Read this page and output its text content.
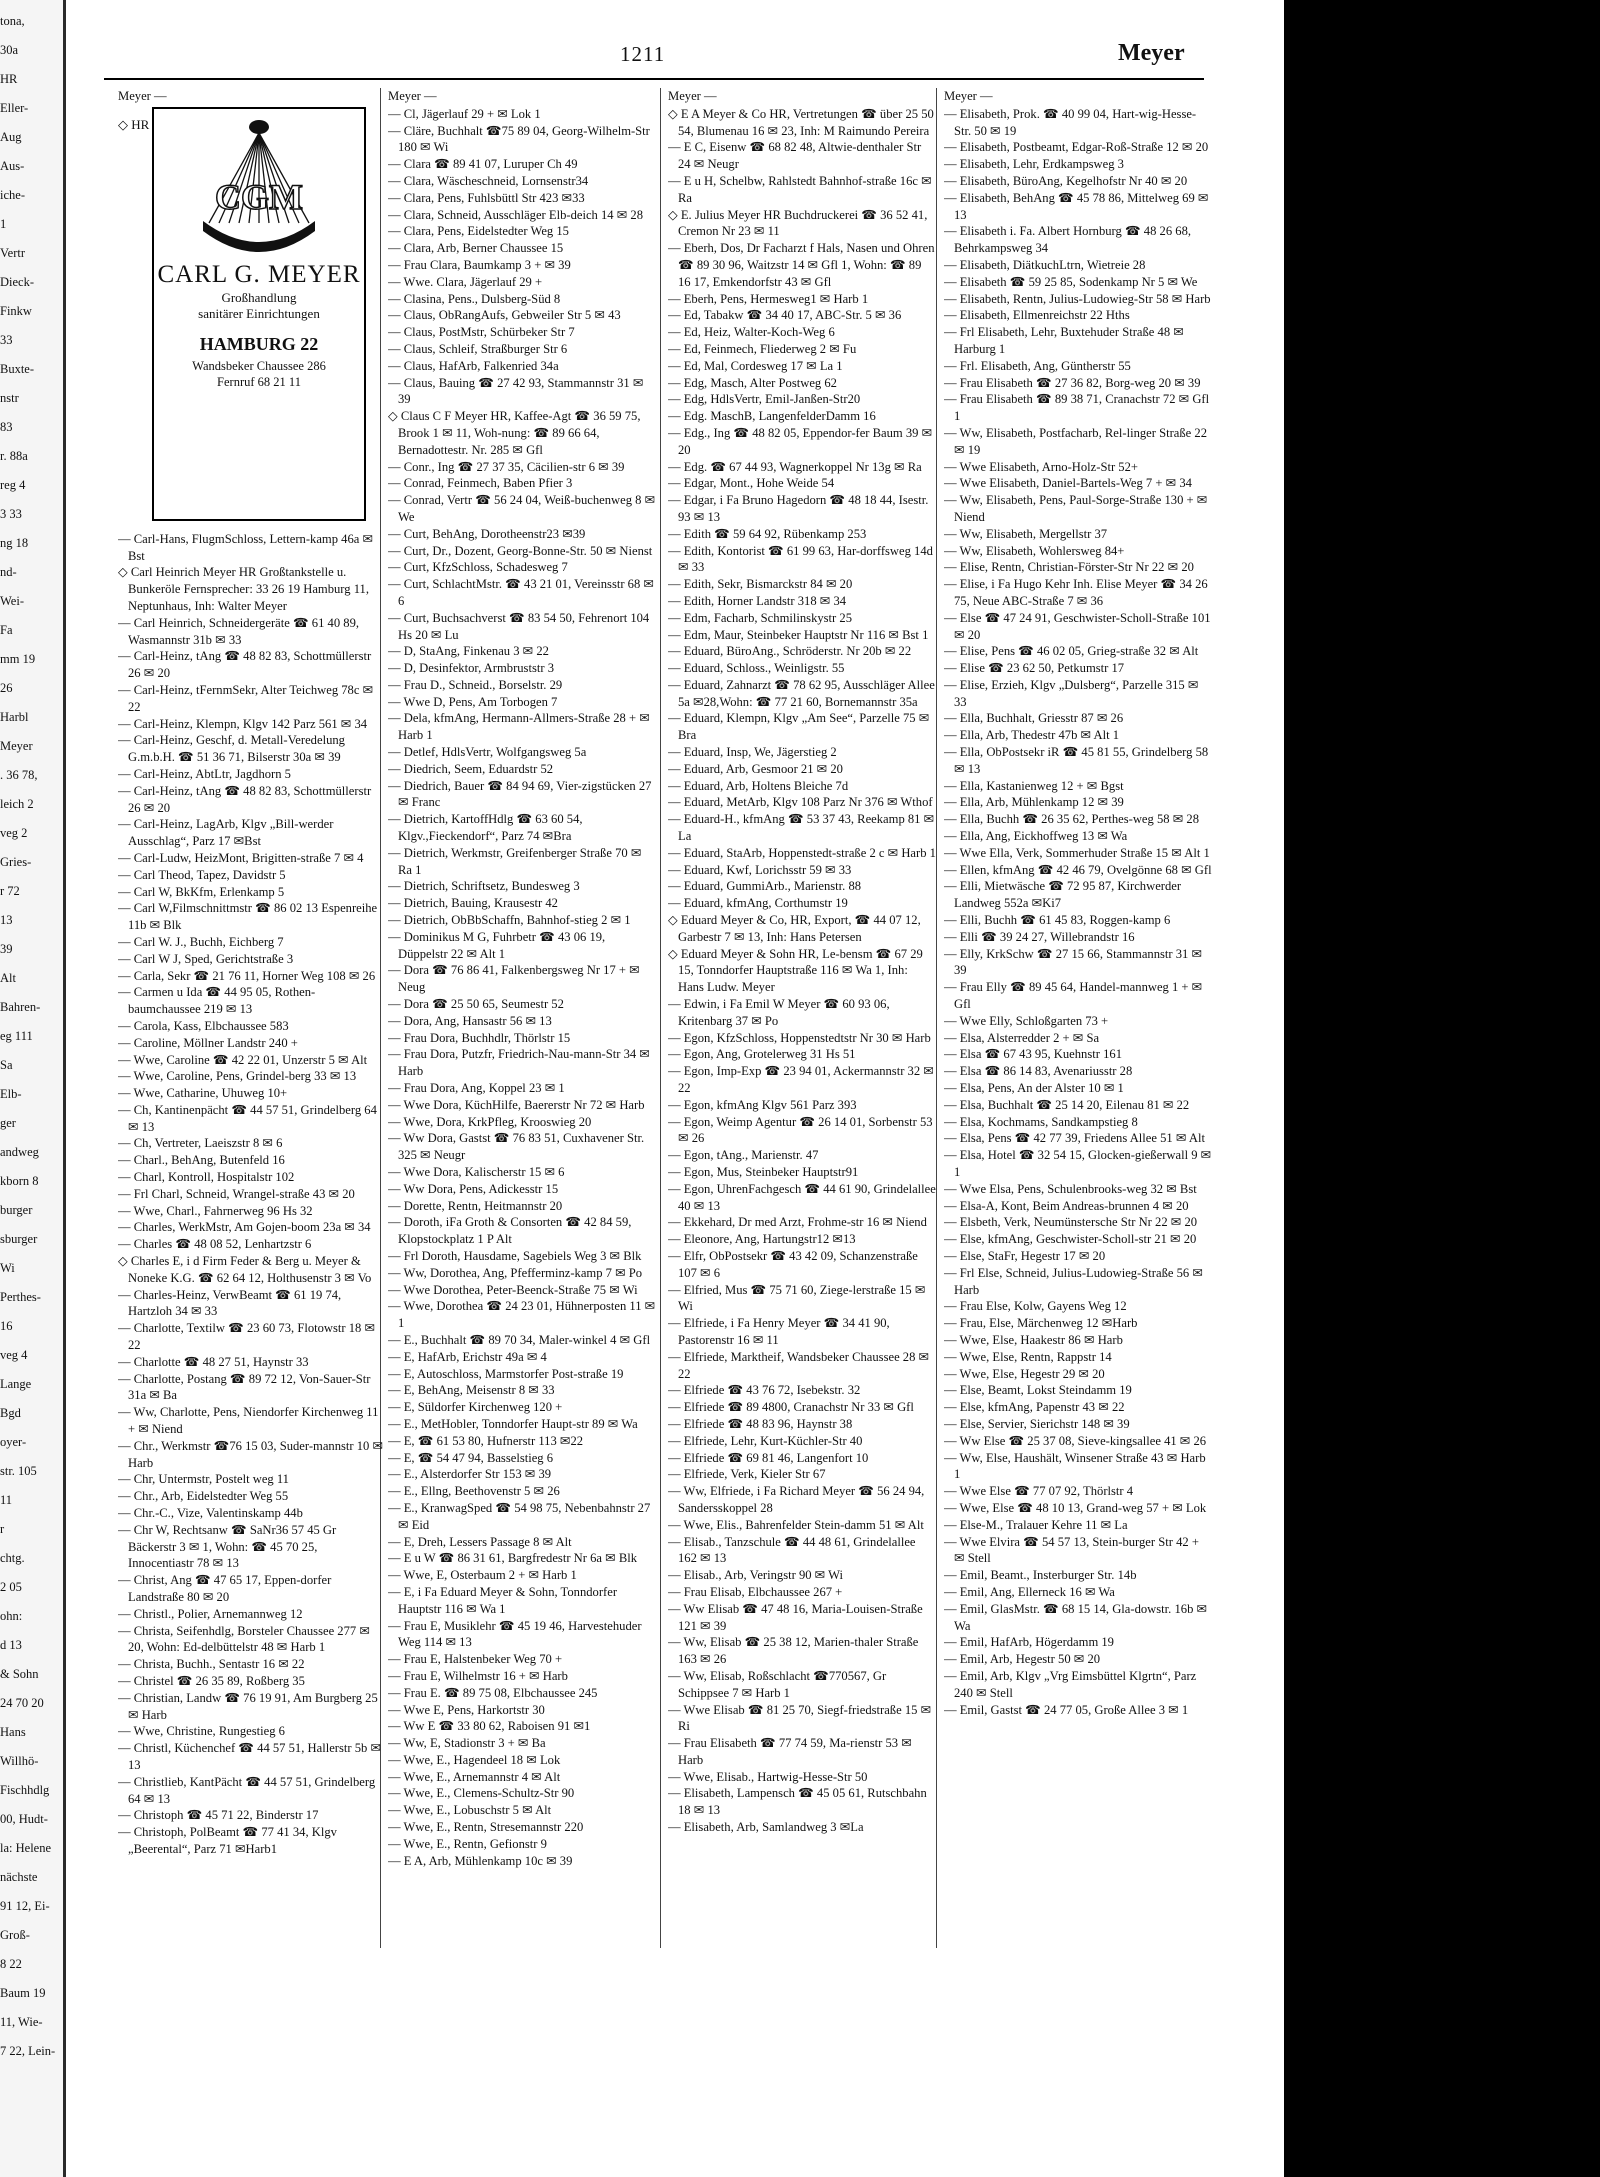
tona,
30a
HR
Eller-
Aug
Aus-
iche-
1
Vertr
Dieck-
Finkw
33
Buxte-
nstr
83
r. 88a
reg 4
3 33
ng 18
nd-
Wei-
Fa
mm 19
26
Harbl
Meyer
. 36 78,
leich 2
veg 2
Gries-
r 72
13
39
Alt
Bahren-
eg 111
Sa
Elb-
ger
andweg
kborn 8
burger
sburger
Wi
Perthes-
16
veg 4
Lange
Bgd
oyer-
str. 105
11
r
chtg.
2 05
ohn:
d 13
& Sohn
24 70 20
Hans
Willhö-
Fischhdlg
00, Hudt-
la: Helene
nächste
91 12, Ei-
Groß-
8 22
Baum 19
11, Wie-
7 22, Lein-
1211	Meyer
Meyer —
CGM
CARL G. MEYER
Großhandlung
sanitärer Einrichtungen
HAMBURG 22
Wandsbeker Chaussee 286
Fernruf 68 21 11
— Carl-Hans, FlugmSchloss, Lettern-kamp 46a ✉ Bst
◇ Carl Heinrich Meyer HR Großtankstelle u. Bunkeröle Fernsprecher: 33 26 19 Hamburg 11, Neptunhaus, Inh: Walter Meyer
— Carl Heinrich, Schneidergeräte ☎ 61 40 89, Wasmannstr 31b ✉ 33
— Carl-Heinz, tAng ☎ 48 82 83, Schottmüllerstr 26 ✉ 20
— Carl-Heinz, tFernmSekr, Alter Teichweg 78c ✉ 22
— Carl-Heinz, Klempn, Klgv 142 Parz 561 ✉ 34
— Carl-Heinz, Geschf, d. Metall-Veredelung G.m.b.H. ☎ 51 36 71, Bilserstr 30a ✉ 39
— Carl-Heinz, AbtLtr, Jagdhorn 5
— Carl-Heinz, tAng ☎ 48 82 83, Schottmüllerstr 26 ✉ 20
— Carl-Heinz, LagArb, Klgv „Bill-werder Ausschlag“, Parz 17 ✉Bst
— Carl-Ludw, HeizMont, Brigitten-straße 7 ✉ 4
— Carl Theod, Tapez, Davidstr 5
— Carl W, BkKfm, Erlenkamp 5
— Carl W,Filmschnittmstr ☎ 86 02 13 Espenreihe 11b ✉ Blk
— Carl W. J., Buchh, Eichberg 7
— Carl W J, Sped, Gerichtstraße 3
— Carla, Sekr ☎ 21 76 11, Horner Weg 108 ✉ 26
— Carmen u Ida ☎ 44 95 05, Rothen-baumchaussee 219 ✉ 13
— Carola, Kass, Elbchaussee 583
— Caroline, Möllner Landstr 240 +
— Wwe, Caroline ☎ 42 22 01, Unzerstr 5 ✉ Alt
— Wwe, Caroline, Pens, Grindel-berg 33 ✉ 13
— Wwe, Catharine, Uhuweg 10+
— Ch, Kantinenpächt ☎ 44 57 51, Grindelberg 64 ✉ 13
— Ch, Vertreter, Laeiszstr 8 ✉ 6
— Charl., BehAng, Butenfeld 16
— Charl, Kontroll, Hospitalstr 102
— Frl Charl, Schneid, Wrangel-straße 43 ✉ 20
— Wwe, Charl., Fahrnerweg 96 Hs 32
— Charles, WerkMstr, Am Gojen-boom 23a ✉ 34
— Charles ☎ 48 08 52, Lenhartzstr 6
◇ Charles E, i d Firm Feder & Berg u. Meyer & Noneke K.G. ☎ 62 64 12, Holthusenstr 3 ✉ Vo
— Charles-Heinz, VerwBeamt ☎ 61 19 74, Hartzloh 34 ✉ 33
— Charlotte, Textilw ☎ 23 60 73, Flotowstr 18 ✉ 22
— Charlotte ☎ 48 27 51, Haynstr 33
— Charlotte, Postang ☎ 89 72 12, Von-Sauer-Str 31a ✉ Ba
— Ww, Charlotte, Pens, Niendorfer Kirchenweg 11 + ✉ Niend
— Chr., Werkmstr ☎76 15 03, Suder-mannstr 10 ✉ Harb
— Chr, Untermstr, Postelt weg 11
— Chr., Arb, Eidelstedter Weg 55
— Chr.-C., Vize, Valentinskamp 44b
— Chr W, Rechtsanw ☎ SaNr36 57 45 Gr Bäckerstr 3 ✉ 1, Wohn: ☎ 45 70 25, Innocentiastr 78 ✉ 13
— Christ, Ang ☎ 47 65 17, Eppen-dorfer Landstraße 80 ✉ 20
— Christl., Polier, Arnemannweg 12
— Christa, Seifenhdlg, Borsteler Chaussee 277 ✉ 20, Wohn: Ed-delbüttelstr 48 ✉ Harb 1
— Christa, Buchh., Sentastr 16 ✉ 22
— Christel ☎ 26 35 89, Roßberg 35
— Christian, Landw ☎ 76 19 91, Am Burgberg 25 ✉ Harb
— Wwe, Christine, Rungestieg 6
— Christl, Küchenchef ☎ 44 57 51, Hallerstr 5b ✉ 13
— Christlieb, KantPächt ☎ 44 57 51, Grindelberg 64 ✉ 13
— Christoph ☎ 45 71 22, Binderstr 17
— Christoph, PolBeamt ☎ 77 41 34, Klgv „Beerental“, Parz 71 ✉Harb1
◇ HR
Meyer —
— Cl, Jägerlauf 29 + ✉ Lok 1
— Cläre, Buchhalt ☎75 89 04, Georg-Wilhelm-Str 180 ✉ Wi
— Clara ☎ 89 41 07, Luruper Ch 49
— Clara, Wäscheschneid, Lornsenstr34
— Clara, Pens, Fuhlsbüttl Str 423 ✉33
— Clara, Schneid, Ausschläger Elb-deich 14 ✉ 28
— Clara, Pens, Eidelstedter Weg 15
— Clara, Arb, Berner Chaussee 15
— Frau Clara, Baumkamp 3 + ✉ 39
— Wwe. Clara, Jägerlauf 29 +
— Clasina, Pens., Dulsberg-Süd 8
— Claus, ObRangAufs, Gebweiler Str 5 ✉ 43
— Claus, PostMstr, Schürbeker Str 7
— Claus, Schleif, Straßburger Str 6
— Claus, HafArb, Falkenried 34a
— Claus, Bauing ☎ 27 42 93, Stammannstr 31 ✉ 39
◇ Claus C F Meyer HR, Kaffee-Agt ☎ 36 59 75, Brook 1 ✉ 11, Woh-nung: ☎ 89 66 64, Bernadottestr. Nr. 285 ✉ Gfl
— Conr., Ing ☎ 27 37 35, Cäcilien-str 6 ✉ 39
— Conrad, Feinmech, Baben Pfier 3
— Conrad, Vertr ☎ 56 24 04, Weiß-buchenweg 8 ✉ We
— Curt, BehAng, Dorotheenstr23 ✉39
— Curt, Dr., Dozent, Georg-Bonne-Str. 50 ✉ Nienst
— Curt, KfzSchloss, Schadesweg 7
— Curt, SchlachtMstr. ☎ 43 21 01, Vereinsstr 68 ✉ 6
— Curt, Buchsachverst ☎ 83 54 50, Fehrenort 104 Hs 20 ✉ Lu
— D, StaAng, Finkenau 3 ✉ 22
— D, Desinfektor, Armbruststr 3
— Frau D., Schneid., Borselstr. 29
— Wwe D, Pens, Am Torbogen 7
— Dela, kfmAng, Hermann-Allmers-Straße 28 + ✉ Harb 1
— Detlef, HdlsVertr, Wolfgangsweg 5a
— Diedrich, Seem, Eduardstr 52
— Diedrich, Bauer ☎ 84 94 69, Vier-zigstücken 27 ✉ Franc
— Dietrich, KartoffHdlg ☎ 63 60 54, Klgv.,Fieckendorf“, Parz 74 ✉Bra
— Dietrich, Werkmstr, Greifenberger Straße 70 ✉ Ra 1
— Dietrich, Schriftsetz, Bundesweg 3
— Dietrich, Bauing, Krausestr 42
— Dietrich, ObBbSchaffn, Bahnhof-stieg 2 ✉ 1
— Dominikus M G, Fuhrbetr ☎ 43 06 19, Düppelstr 22 ✉ Alt 1
— Dora ☎ 76 86 41, Falkenbergsweg Nr 17 + ✉ Neug
— Dora ☎ 25 50 65, Seumestr 52
— Dora, Ang, Hansastr 56 ✉ 13
— Frau Dora, Buchhdlr, Thörlstr 15
— Frau Dora, Putzfr, Friedrich-Nau-mann-Str 34 ✉ Harb
— Frau Dora, Ang, Koppel 23 ✉ 1
— Wwe Dora, KüchHilfe, Baererstr Nr 72 ✉ Harb
— Wwe, Dora, KrkPfleg, Krooswieg 20
— Ww Dora, Gastst ☎ 76 83 51, Cuxhavener Str. 325 ✉ Neugr
— Wwe Dora, Kalischerstr 15 ✉ 6
— Ww Dora, Pens, Adickesstr 15
— Dorette, Rentn, Heitmannstr 20
— Doroth, iFa Groth & Consorten ☎ 42 84 59, Klopstockplatz 1 P Alt
— Frl Doroth, Hausdame, Sagebiels Weg 3 ✉ Blk
— Ww, Dorothea, Ang, Pfefferminz-kamp 7 ✉ Po
— Wwe Dorothea, Peter-Beenck-Straße 75 ✉ Wi
— Wwe, Dorothea ☎ 24 23 01, Hühnerposten 11 ✉ 1
— E., Buchhalt ☎ 89 70 34, Maler-winkel 4 ✉ Gfl
— E, HafArb, Erichstr 49a ✉ 4
— E, Autoschloss, Marmstorfer Post-straße 19
— E, BehAng, Meisenstr 8 ✉ 33
— E, Süldorfer Kirchenweg 120 +
— E., MetHobler, Tonndorfer Haupt-str 89 ✉ Wa
— E, ☎ 61 53 80, Hufnerstr 113 ✉22
— E, ☎ 54 47 94, Basselstieg 6
— E., Alsterdorfer Str 153 ✉ 39
— E., Ellng, Beethovenstr 5 ✉ 26
— E., KranwagSped ☎ 54 98 75, Nebenbahnstr 27 ✉ Eid
— E, Dreh, Lessers Passage 8 ✉ Alt
— E u W ☎ 86 31 61, Bargfredestr Nr 6a ✉ Blk
— Wwe, E, Osterbaum 2 + ✉ Harb 1
— E, i Fa Eduard Meyer & Sohn, Tonndorfer Hauptstr 116 ✉ Wa 1
— Frau E, Musiklehr ☎ 45 19 46, Harvestehuder Weg 114 ✉ 13
— Frau E, Halstenbeker Weg 70 +
— Frau E, Wilhelmstr 16 + ✉ Harb
— Frau E. ☎ 89 75 08, Elbchaussee 245
— Wwe E, Pens, Harkortstr 30
— Ww E ☎ 33 80 62, Raboisen 91 ✉1
— Ww, E, Stadionstr 3 + ✉ Ba
— Wwe, E., Hagendeel 18 ✉ Lok
— Wwe, E., Arnemannstr 4 ✉ Alt
— Wwe, E., Clemens-Schultz-Str 90
— Wwe, E., Lobuschstr 5 ✉ Alt
— Wwe, E., Rentn, Stresemannstr 220
— Wwe, E., Rentn, Gefionstr 9
— E A, Arb, Mühlenkamp 10c ✉ 39
Meyer —
◇ E A Meyer & Co HR, Vertretungen ☎ über 25 50 54, Blumenau 16 ✉ 23, Inh: M Raimundo Pereira
— E C, Eisenw ☎ 68 82 48, Altwie-denthaler Str 24 ✉ Neugr
— E u H, Schelbw, Rahlstedt Bahnhof-straße 16c ✉ Ra
◇ E. Julius Meyer HR Buchdruckerei ☎ 36 52 41, Cremon Nr 23 ✉ 11
— Eberh, Dos, Dr Facharzt f Hals, Nasen und Ohren ☎ 89 30 96, Waitzstr 14 ✉ Gfl 1, Wohn: ☎ 89 16 17, Emkendorfstr 43 ✉ Gfl
— Eberh, Pens, Hermesweg1 ✉ Harb 1
— Ed, Tabakw ☎ 34 40 17, ABC-Str. 5 ✉ 36
— Ed, Heiz, Walter-Koch-Weg 6
— Ed, Feinmech, Fliederweg 2 ✉ Fu
— Ed, Mal, Cordesweg 17 ✉ La 1
— Edg, Masch, Alter Postweg 62
— Edg, HdlsVertr, Emil-Janßen-Str20
— Edg. MaschB, LangenfelderDamm 16
— Edg., Ing ☎ 48 82 05, Eppendor-fer Baum 39 ✉ 20
— Edg. ☎ 67 44 93, Wagnerkoppel Nr 13g ✉ Ra
— Edgar, Mont., Hohe Weide 54
— Edgar, i Fa Bruno Hagedorn ☎ 48 18 44, Isestr. 93 ✉ 13
— Edith ☎ 59 64 92, Rübenkamp 253
— Edith, Kontorist ☎ 61 99 63, Har-dorffsweg 14d ✉ 33
— Edith, Sekr, Bismarckstr 84 ✉ 20
— Edith, Horner Landstr 318 ✉ 34
— Edm, Facharb, Schmilinskystr 25
— Edm, Maur, Steinbeker Hauptstr Nr 116 ✉ Bst 1
— Eduard, BüroAng., Schröderstr. Nr 20b ✉ 22
— Eduard, Schloss., Weinligstr. 55
— Eduard, Zahnarzt ☎ 78 62 95, Ausschläger Allee 5a ✉28,Wohn: ☎ 77 21 60, Bornemannstr 35a
— Eduard, Klempn, Klgv „Am See“, Parzelle 75 ✉ Bra
— Eduard, Insp, We, Jägerstieg 2
— Eduard, Arb, Gesmoor 21 ✉ 20
— Eduard, Arb, Holtens Bleiche 7d
— Eduard, MetArb, Klgv 108 Parz Nr 376 ✉ Wthof
— Eduard-H., kfmAng ☎ 53 37 43, Reekamp 81 ✉ La
— Eduard, StaArb, Hoppenstedt-straße 2 c ✉ Harb 1
— Eduard, Kwf, Lorichsstr 59 ✉ 33
— Eduard, GummiArb., Marienstr. 88
— Eduard, kfmAng, Corthumstr 19
◇ Eduard Meyer & Co, HR, Export, ☎ 44 07 12, Garbestr 7 ✉ 13, Inh: Hans Petersen
◇ Eduard Meyer & Sohn HR, Le-bensm ☎ 67 29 15, Tonndorfer Hauptstraße 116 ✉ Wa 1, Inh: Hans Ludw. Meyer
— Edwin, i Fa Emil W Meyer ☎ 60 93 06, Kritenbarg 37 ✉ Po
— Egon, KfzSchloss, Hoppenstedtstr Nr 30 ✉ Harb
— Egon, Ang, Grotelerweg 31 Hs 51
— Egon, Imp-Exp ☎ 23 94 01, Ackermannstr 32 ✉ 22
— Egon, kfmAng Klgv 561 Parz 393
— Egon, Weimp Agentur ☎ 26 14 01, Sorbenstr 53 ✉ 26
— Egon, tAng., Marienstr. 47
— Egon, Mus, Steinbeker Hauptstr91
— Egon, UhrenFachgesch ☎ 44 61 90, Grindelallee 40 ✉ 13
— Ekkehard, Dr med Arzt, Frohme-str 16 ✉ Niend
— Eleonore, Ang, Hartungstr12 ✉13
— Elfr, ObPostsekr ☎ 43 42 09, Schanzenstraße 107 ✉ 6
— Elfried, Mus ☎ 75 71 60, Ziege-lerstraße 15 ✉ Wi
— Elfriede, i Fa Henry Meyer ☎ 34 41 90, Pastorenstr 16 ✉ 11
— Elfriede, Marktheif, Wandsbeker Chaussee 28 ✉ 22
— Elfriede ☎ 43 76 72, Isebekstr. 32
— Elfriede ☎ 89 4800, Cranachstr Nr 33 ✉ Gfl
— Elfriede ☎ 48 83 96, Haynstr 38
— Elfriede, Lehr, Kurt-Küchler-Str 40
— Elfriede ☎ 69 81 46, Langenfort 10
— Elfriede, Verk, Kieler Str 67
— Ww, Elfriede, i Fa Richard Meyer ☎ 56 24 94, Sandersskoppel 28
— Wwe, Elis., Bahrenfelder Stein-damm 51 ✉ Alt
— Elisab., Tanzschule ☎ 44 48 61, Grindelallee 162 ✉ 13
— Elisab., Arb, Veringstr 90 ✉ Wi
— Frau Elisab, Elbchaussee 267 +
— Ww Elisab ☎ 47 48 16, Maria-Louisen-Straße 121 ✉ 39
— Ww, Elisab ☎ 25 38 12, Marien-thaler Straße 163 ✉ 26
— Ww, Elisab, Roßschlacht ☎770567, Gr Schippsee 7 ✉ Harb 1
— Wwe Elisab ☎ 81 25 70, Siegf-friedstraße 15 ✉ Ri
— Frau Elisabeth ☎ 77 74 59, Ma-rienstr 53 ✉ Harb
— Wwe, Elisab., Hartwig-Hesse-Str 50
— Elisabeth, Lampensch ☎ 45 05 61, Rutschbahn 18 ✉ 13
— Elisabeth, Arb, Samlandweg 3 ✉La
Meyer —
— Elisabeth, Prok. ☎ 40 99 04, Hart-wig-Hesse-Str. 50 ✉ 19
— Elisabeth, Postbeamt, Edgar-Roß-Straße 12 ✉ 20
— Elisabeth, Lehr, Erdkampsweg 3
— Elisabeth, BüroAng, Kegelhofstr Nr 40 ✉ 20
— Elisabeth, BehAng ☎ 45 78 86, Mittelweg 69 ✉ 13
— Elisabeth i. Fa. Albert Hornburg ☎ 48 26 68, Behrkampsweg 34
— Elisabeth, DiätkuchLtrn, Wietreie 28
— Elisabeth ☎ 59 25 85, Sodenkamp Nr 5 ✉ We
— Elisabeth, Rentn, Julius-Ludowieg-Str 58 ✉ Harb
— Elisabeth, Ellmenreichstr 22 Hths
— Frl Elisabeth, Lehr, Buxtehuder Straße 48 ✉ Harburg 1
— Frl. Elisabeth, Ang, Güntherstr 55
— Frau Elisabeth ☎ 27 36 82, Borg-weg 20 ✉ 39
— Frau Elisabeth ☎ 89 38 71, Cranachstr 72 ✉ Gfl 1
— Ww, Elisabeth, Postfacharb, Rel-linger Straße 22 ✉ 19
— Wwe Elisabeth, Arno-Holz-Str 52+
— Wwe Elisabeth, Daniel-Bartels-Weg 7 + ✉ 34
— Ww, Elisabeth, Pens, Paul-Sorge-Straße 130 + ✉ Niend
— Ww, Elisabeth, Mergellstr 37
— Ww, Elisabeth, Wohlersweg 84+
— Elise, Rentn, Christian-Förster-Str Nr 22 ✉ 20
— Elise, i Fa Hugo Kehr Inh. Elise Meyer ☎ 34 26 75, Neue ABC-Straße 7 ✉ 36
— Else ☎ 47 24 91, Geschwister-Scholl-Straße 101 ✉ 20
— Elise, Pens ☎ 46 02 05, Grieg-straße 32 ✉ Alt
— Elise ☎ 23 62 50, Petkumstr 17
— Elise, Erzieh, Klgv „Dulsberg“, Parzelle 315 ✉ 33
— Ella, Buchhalt, Griesstr 87 ✉ 26
— Ella, Arb, Thedestr 47b ✉ Alt 1
— Ella, ObPostsekr iR ☎ 45 81 55, Grindelberg 58 ✉ 13
— Ella, Kastanienweg 12 + ✉ Bgst
— Ella, Arb, Mühlenkamp 12 ✉ 39
— Ella, Buchh ☎ 26 35 62, Perthes-weg 58 ✉ 28
— Ella, Ang, Eickhoffweg 13 ✉ Wa
— Wwe Ella, Verk, Sommerhuder Straße 15 ✉ Alt 1
— Ellen, kfmAng ☎ 42 46 79, Ovelgönne 68 ✉ Gfl
— Elli, Mietwäsche ☎ 72 95 87, Kirchwerder Landweg 552a ✉Ki7
— Elli, Buchh ☎ 61 45 83, Roggen-kamp 6
— Elli ☎ 39 24 27, Willebrandstr 16
— Elly, KrkSchw ☎ 27 15 66, Stammannstr 31 ✉ 39
— Frau Elly ☎ 89 45 64, Handel-mannweg 1 + ✉ Gfl
— Wwe Elly, Schloßgarten 73 +
— Elsa, Alsterredder 2 + ✉ Sa
— Elsa ☎ 67 43 95, Kuehnstr 161
— Elsa ☎ 86 14 83, Avenariusstr 28
— Elsa, Pens, An der Alster 10 ✉ 1
— Elsa, Buchhalt ☎ 25 14 20, Eilenau 81 ✉ 22
— Elsa, Kochmams, Sandkampstieg 8
— Elsa, Pens ☎ 42 77 39, Friedens Allee 51 ✉ Alt
— Elsa, Hotel ☎ 32 54 15, Glocken-gießerwall 9 ✉ 1
— Wwe Elsa, Pens, Schulenbrooks-weg 32 ✉ Bst
— Elsa-A, Kont, Beim Andreas-brunnen 4 ✉ 20
— Elsbeth, Verk, Neumünstersche Str Nr 22 ✉ 20
— Else, kfmAng, Geschwister-Scholl-str 21 ✉ 20
— Else, StaFr, Hegestr 17 ✉ 20
— Frl Else, Schneid, Julius-Ludowieg-Straße 56 ✉ Harb
— Frau Else, Kolw, Gayens Weg 12
— Frau, Else, Märchenweg 12 ✉Harb
— Wwe, Else, Haakestr 86 ✉ Harb
— Wwe, Else, Rentn, Rappstr 14
— Wwe, Else, Hegestr 29 ✉ 20
— Else, Beamt, Lokst Steindamm 19
— Else, kfmAng, Papenstr 43 ✉ 22
— Else, Servier, Sierichstr 148 ✉ 39
— Ww Else ☎ 25 37 08, Sieve-kingsallee 41 ✉ 26
— Ww, Else, Haushält, Winsener Straße 43 ✉ Harb 1
— Wwe Else ☎ 77 07 92, Thörlstr 4
— Wwe, Else ☎ 48 10 13, Grand-weg 57 + ✉ Lok
— Else-M., Tralauer Kehre 11 ✉ La
— Wwe Elvira ☎ 54 57 13, Stein-burger Str 42 + ✉ Stell
— Emil, Beamt., Insterburger Str. 14b
— Emil, Ang, Ellerneck 16 ✉ Wa
— Emil, GlasMstr. ☎ 68 15 14, Gla-dowstr. 16b ✉ Wa
— Emil, HafArb, Högerdamm 19
— Emil, Arb, Hegestr 50 ✉ 20
— Emil, Arb, Klgv „Vrg Eimsbüttel Klgrtn“, Parz 240 ✉ Stell
— Emil, Gastst ☎ 24 77 05, Große Allee 3 ✉ 1
